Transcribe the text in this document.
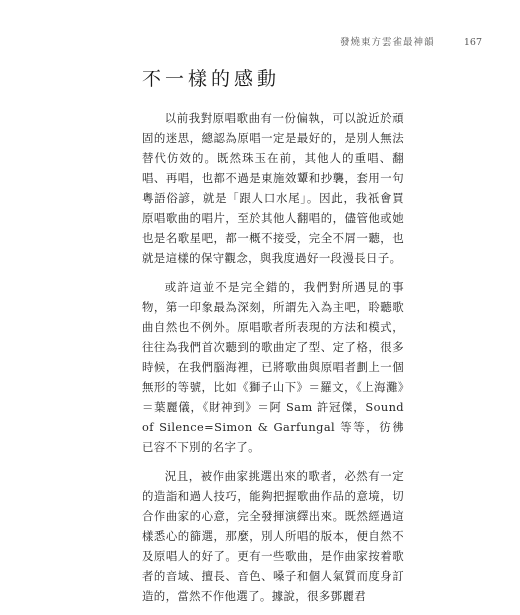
發燒東方雲雀最神韻	167
不一樣的感動

以前我對原唱歌曲有一份偏執，可以說近於頑固的迷思，總認為原唱一定是最好的，是別人無法替代仿效的。既然珠玉在前，其他人的重唱、翻唱、再唱，也都不過是東施效顰和抄襲，套用一句粵語俗諺，就是「跟人口水尾」。因此，我祇會買原唱歌曲的唱片，至於其他人翻唱的，儘管他或她也是名歌星吧，都一概不接受，完全不屑一聽，也就是這樣的保守觀念，與我度過好一段漫長日子。

或許這並不是完全錯的，我們對所遇見的事物，第一印象最為深刻，所謂先入為主吧，聆聽歌曲自然也不例外。原唱歌者所表現的方法和模式，往往為我們首次聽到的歌曲定了型、定了格，很多時候，在我們腦海裡，已將歌曲與原唱者劃上一個無形的等號，比如《獅子山下》＝羅文，《上海灘》＝葉麗儀，《財神到》＝阿 Sam 許冠傑，Sound of Silence=Simon & Garfungal 等等，彷彿已容不下別的名字了。

況且，被作曲家挑選出來的歌者，必然有一定的造詣和過人技巧，能夠把握歌曲作品的意境，切合作曲家的心意，完全發揮演繹出來。既然經過這樣悉心的篩選，那麼，別人所唱的版本，便自然不及原唱人的好了。更有一些歌曲，是作曲家按着歌者的音域、擅長、音色、嗓子和個人氣質而度身訂造的，當然不作他選了。據說，很多鄧麗君
